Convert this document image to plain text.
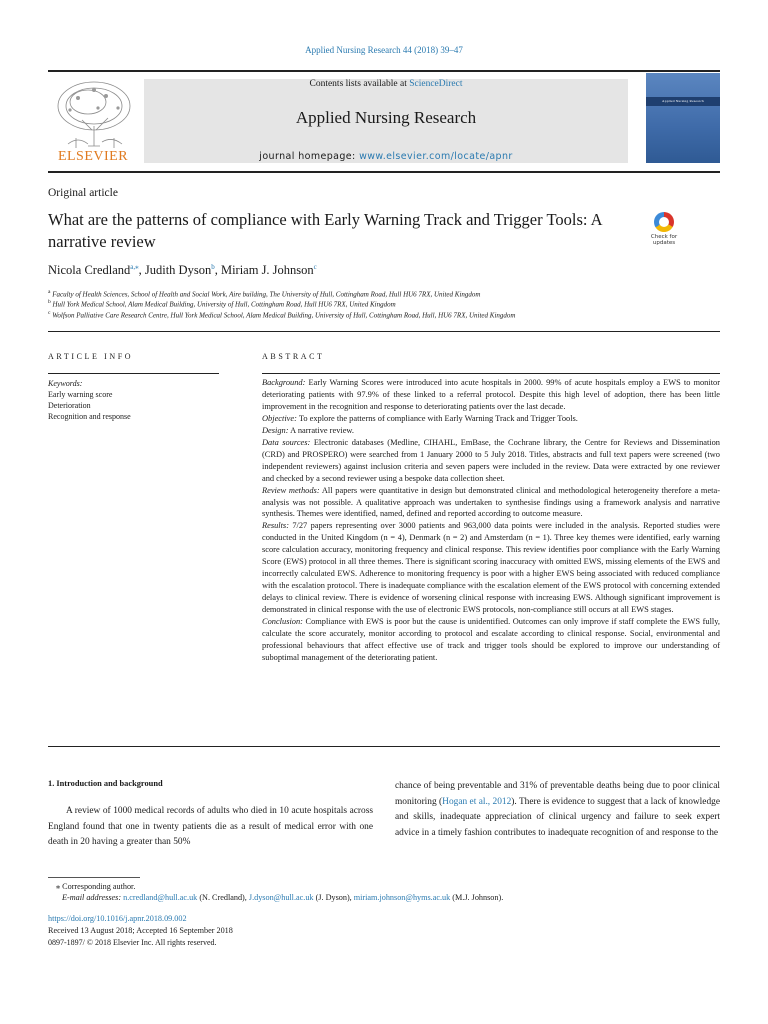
Applied Nursing Research 44 (2018) 39–47
ELSEVIER
Contents lists available at ScienceDirect
Applied Nursing Research
journal homepage: www.elsevier.com/locate/apnr
Applied Nursing Research
Original article
What are the patterns of compliance with Early Warning Track and Trigger Tools: A narrative review	Check for updates
Nicola Credland$^{a,⁎}$, Judith Dyson$^b$, Miriam J. Johnson$^c$
$^a$ Faculty of Health Sciences, School of Health and Social Work, Aire building, The University of Hull, Cottingham Road, Hull HU6 7RX, United Kingdom
$^b$ Hull York Medical School, Alam Medical Building, University of Hull, Cottingham Road, Hull HU6 7RX, United Kingdom
$^c$ Wolfson Palliative Care Research Centre, Hull York Medical School, Alam Medical Building, University of Hull, Cottingham Road, Hull, HU6 7RX, United Kingdom
ARTICLE INFO	ABSTRACT
Keywords:
Early warning score
Deterioration
Recognition and response

Background: Early Warning Scores were introduced into acute hospitals in 2000. 99% of acute hospitals employ a EWS to monitor deteriorating patients with 97.9% of these linked to a referral protocol. Despite this high level of adoption, there has been little improvement in the recognition and response to deteriorating patients over the last decade.

Objective: To explore the patterns of compliance with Early Warning Track and Trigger Tools.

Design: A narrative review.

Data sources: Electronic databases (Medline, CIHAHL, EmBase, the Cochrane library, the Centre for Reviews and Dissemination (CRD) and PROSPERO) were searched from 1 January 2000 to 5 July 2018. Titles, abstracts and full text papers were screened (two independent reviewers) against inclusion criteria and seven papers were included in the review. Data were extracted by one reviewer and checked by a second reviewer using a bespoke data collection sheet.

Review methods: All papers were quantitative in design but demonstrated clinical and methodological heterogeneity therefore a meta-analysis was not possible. A qualitative approach was undertaken to synthesise findings using a framework analysis and narrative synthesis. Themes were identified, named, defined and reported according to outcome measure.

Results: 7/27 papers representing over 3000 patients and 963,000 data points were included in the analysis. Reported studies were conducted in the United Kingdom (n = 4), Denmark (n = 2) and Amsterdam (n = 1). Three key themes were identified, early warning score calculation accuracy, monitoring frequency and clinical response. This review identifies poor compliance with the Early Warning Score (EWS) protocol in all three themes. There is significant scoring inaccuracy with omitted EWS, missing elements of the EWS and incorrectly calculated EWS. Adherence to monitoring frequency is poor with a higher EWS being associated with reduced compliance with the escalation protocol. There is inadequate compliance with the escalation element of the EWS protocol with concerning extended delays to clinical review. There is evidence of worsening clinical response with increasing EWS. Although significant improvement is demonstrated in clinical response with the use of electronic EWS protocols, non-compliance still occurs at all EWS stages.

Conclusion: Compliance with EWS is poor but the cause is unidentified. Outcomes can only improve if staff complete the EWS fully, calculate the score accurately, monitor according to protocol and escalate according to clinical response. Social, environmental and professional behaviours that affect effective use of track and trigger tools should be explored to improve our understanding of suboptimal management of the deteriorating patient.

1. Introduction and background
A review of 1000 medical records of adults who died in 10 acute hospitals across England found that one in twenty patients die as a result of medical error with one death in 20 having a greater than 50%
chance of being preventable and 31% of preventable deaths being due to poor clinical monitoring (Hogan et al., 2012). There is evidence to suggest that a lack of knowledge and skills, inadequate appreciation of clinical urgency and failure to seek expert advice in a timely fashion contributes to inadequate recognition of and response to the
⁎ Corresponding author.
E-mail addresses: n.credland@hull.ac.uk (N. Credland), J.dyson@hull.ac.uk (J. Dyson), miriam.johnson@hyms.ac.uk (M.J. Johnson).
https://doi.org/10.1016/j.apnr.2018.09.002
Received 13 August 2018; Accepted 16 September 2018
0897-1897/ © 2018 Elsevier Inc. All rights reserved.
